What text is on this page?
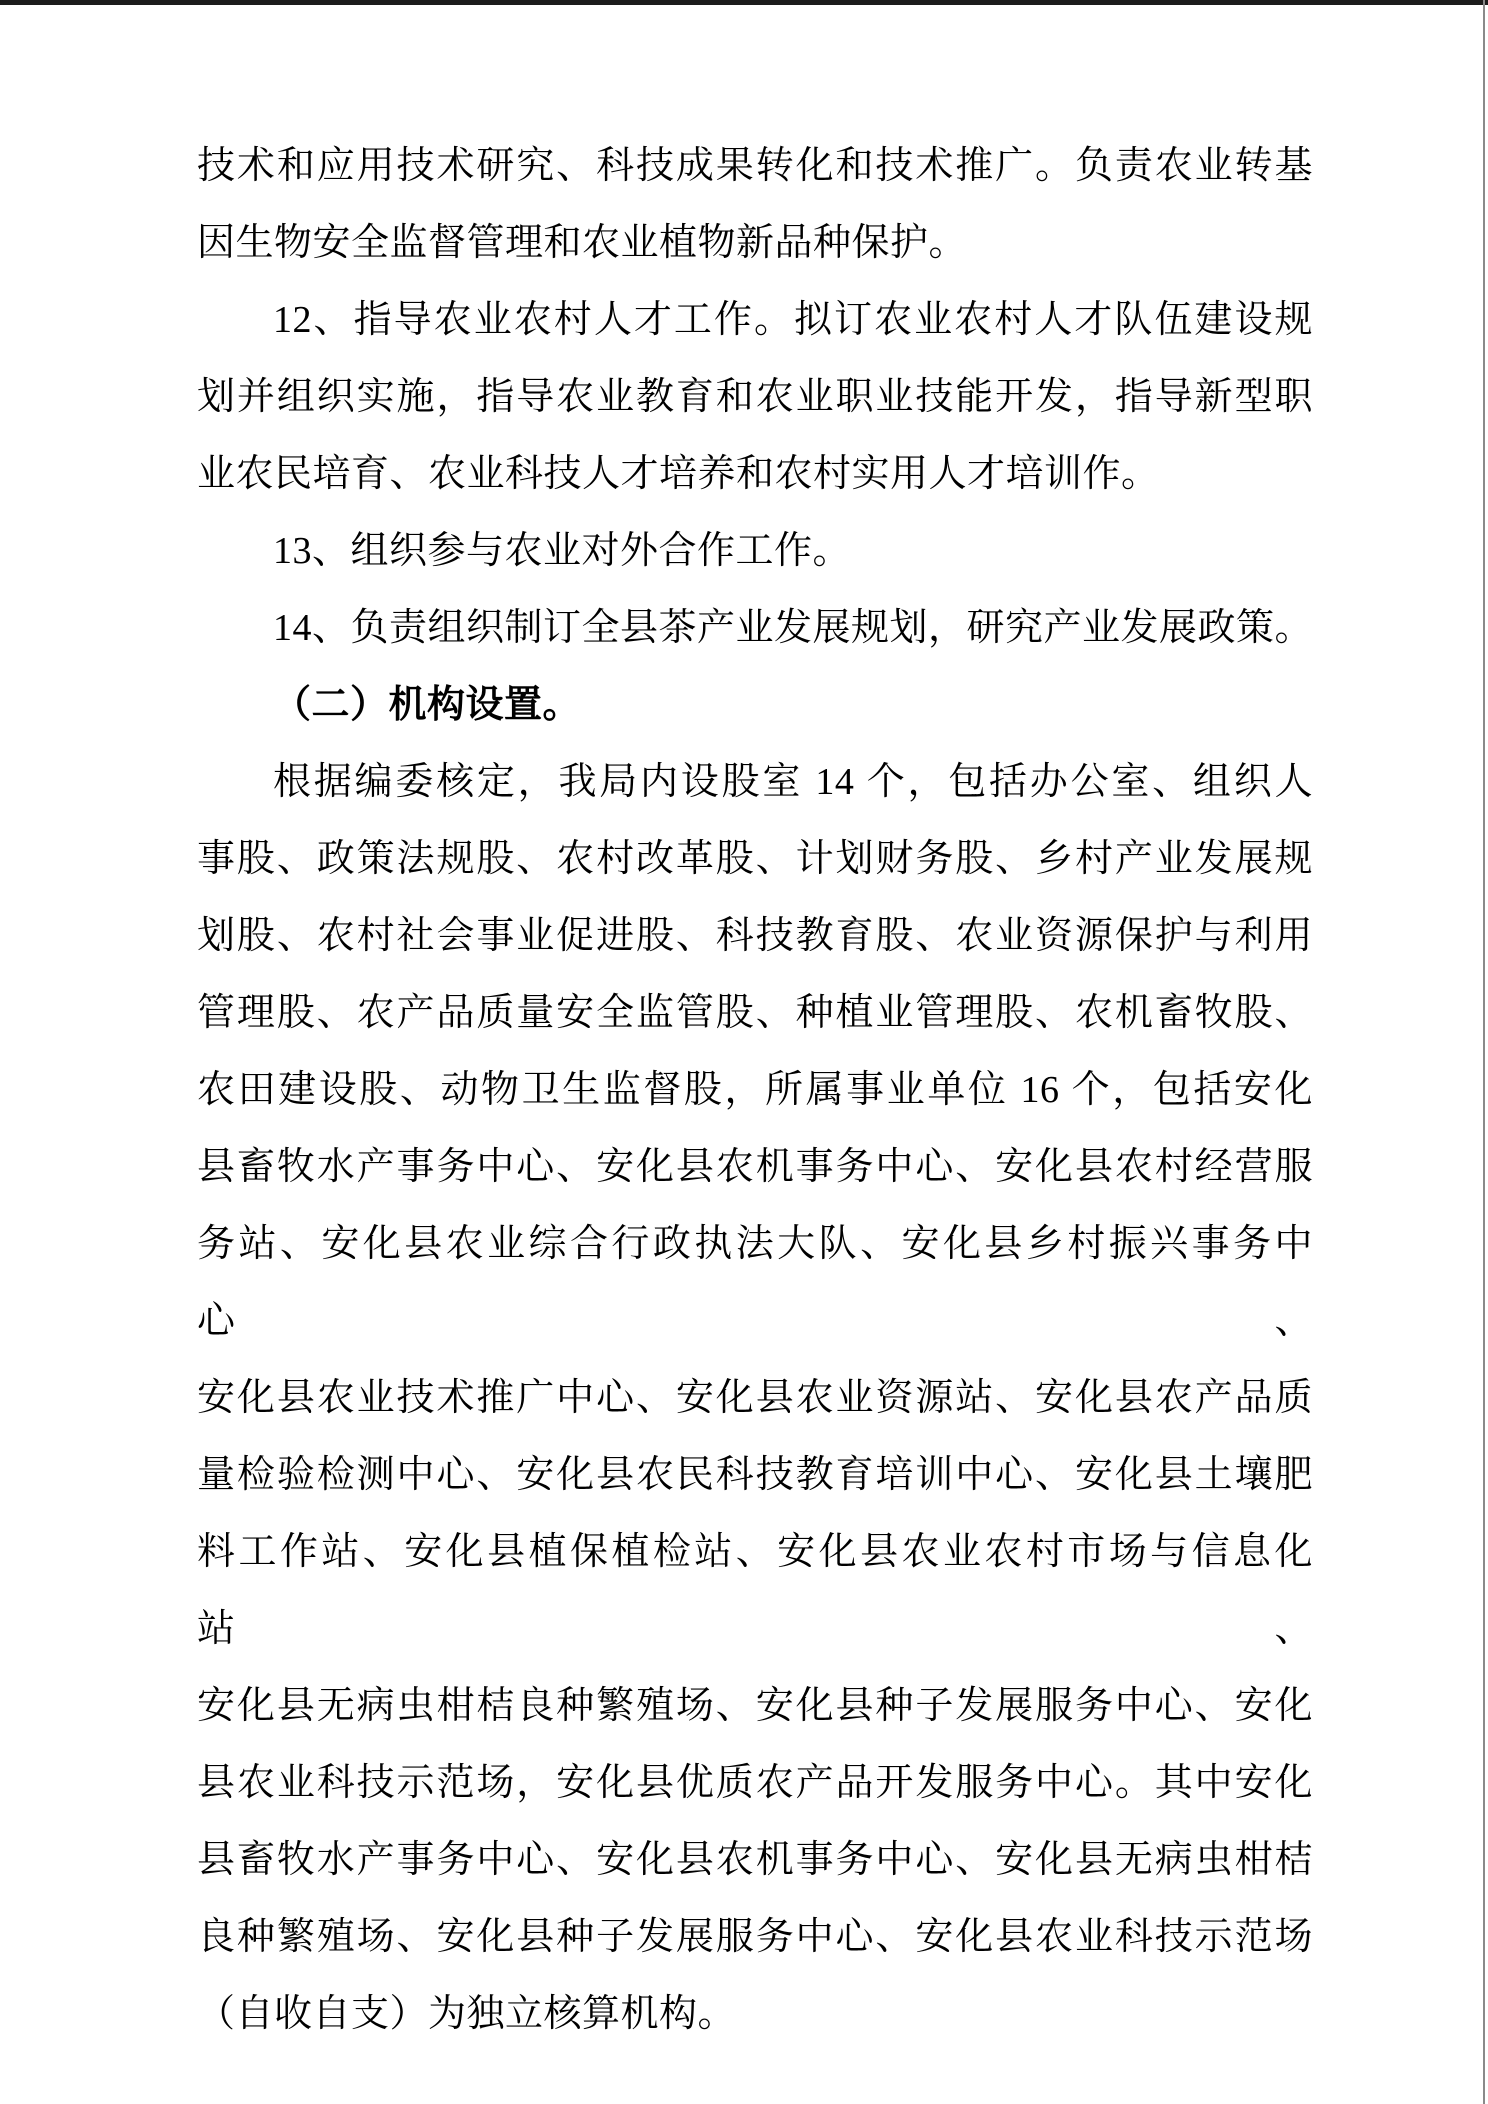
技术和应用技术研究、科技成果转化和技术推广。负责农业转基
因生物安全监督管理和农业植物新品种保护。
12、指导农业农村人才工作。拟订农业农村人才队伍建设规
划并组织实施，指导农业教育和农业职业技能开发，指导新型职
业农民培育、农业科技人才培养和农村实用人才培训作。
13、组织参与农业对外合作工作。
14、负责组织制订全县茶产业发展规划，研究产业发展政策。
（二）机构设置。
根据编委核定，我局内设股室 14 个，包括办公室、组织人
事股、政策法规股、农村改革股、计划财务股、乡村产业发展规
划股、农村社会事业促进股、科技教育股、农业资源保护与利用
管理股、农产品质量安全监管股、种植业管理股、农机畜牧股、
农田建设股、动物卫生监督股，所属事业单位 16 个，包括安化
县畜牧水产事务中心、安化县农机事务中心、安化县农村经营服
务站、安化县农业综合行政执法大队、安化县乡村振兴事务中心、
安化县农业技术推广中心、安化县农业资源站、安化县农产品质
量检验检测中心、安化县农民科技教育培训中心、安化县土壤肥
料工作站、安化县植保植检站、安化县农业农村市场与信息化站、
安化县无病虫柑桔良种繁殖场、安化县种子发展服务中心、安化
县农业科技示范场，安化县优质农产品开发服务中心。其中安化
县畜牧水产事务中心、安化县农机事务中心、安化县无病虫柑桔
良种繁殖场、安化县种子发展服务中心、安化县农业科技示范场
（自收自支）为独立核算机构。
